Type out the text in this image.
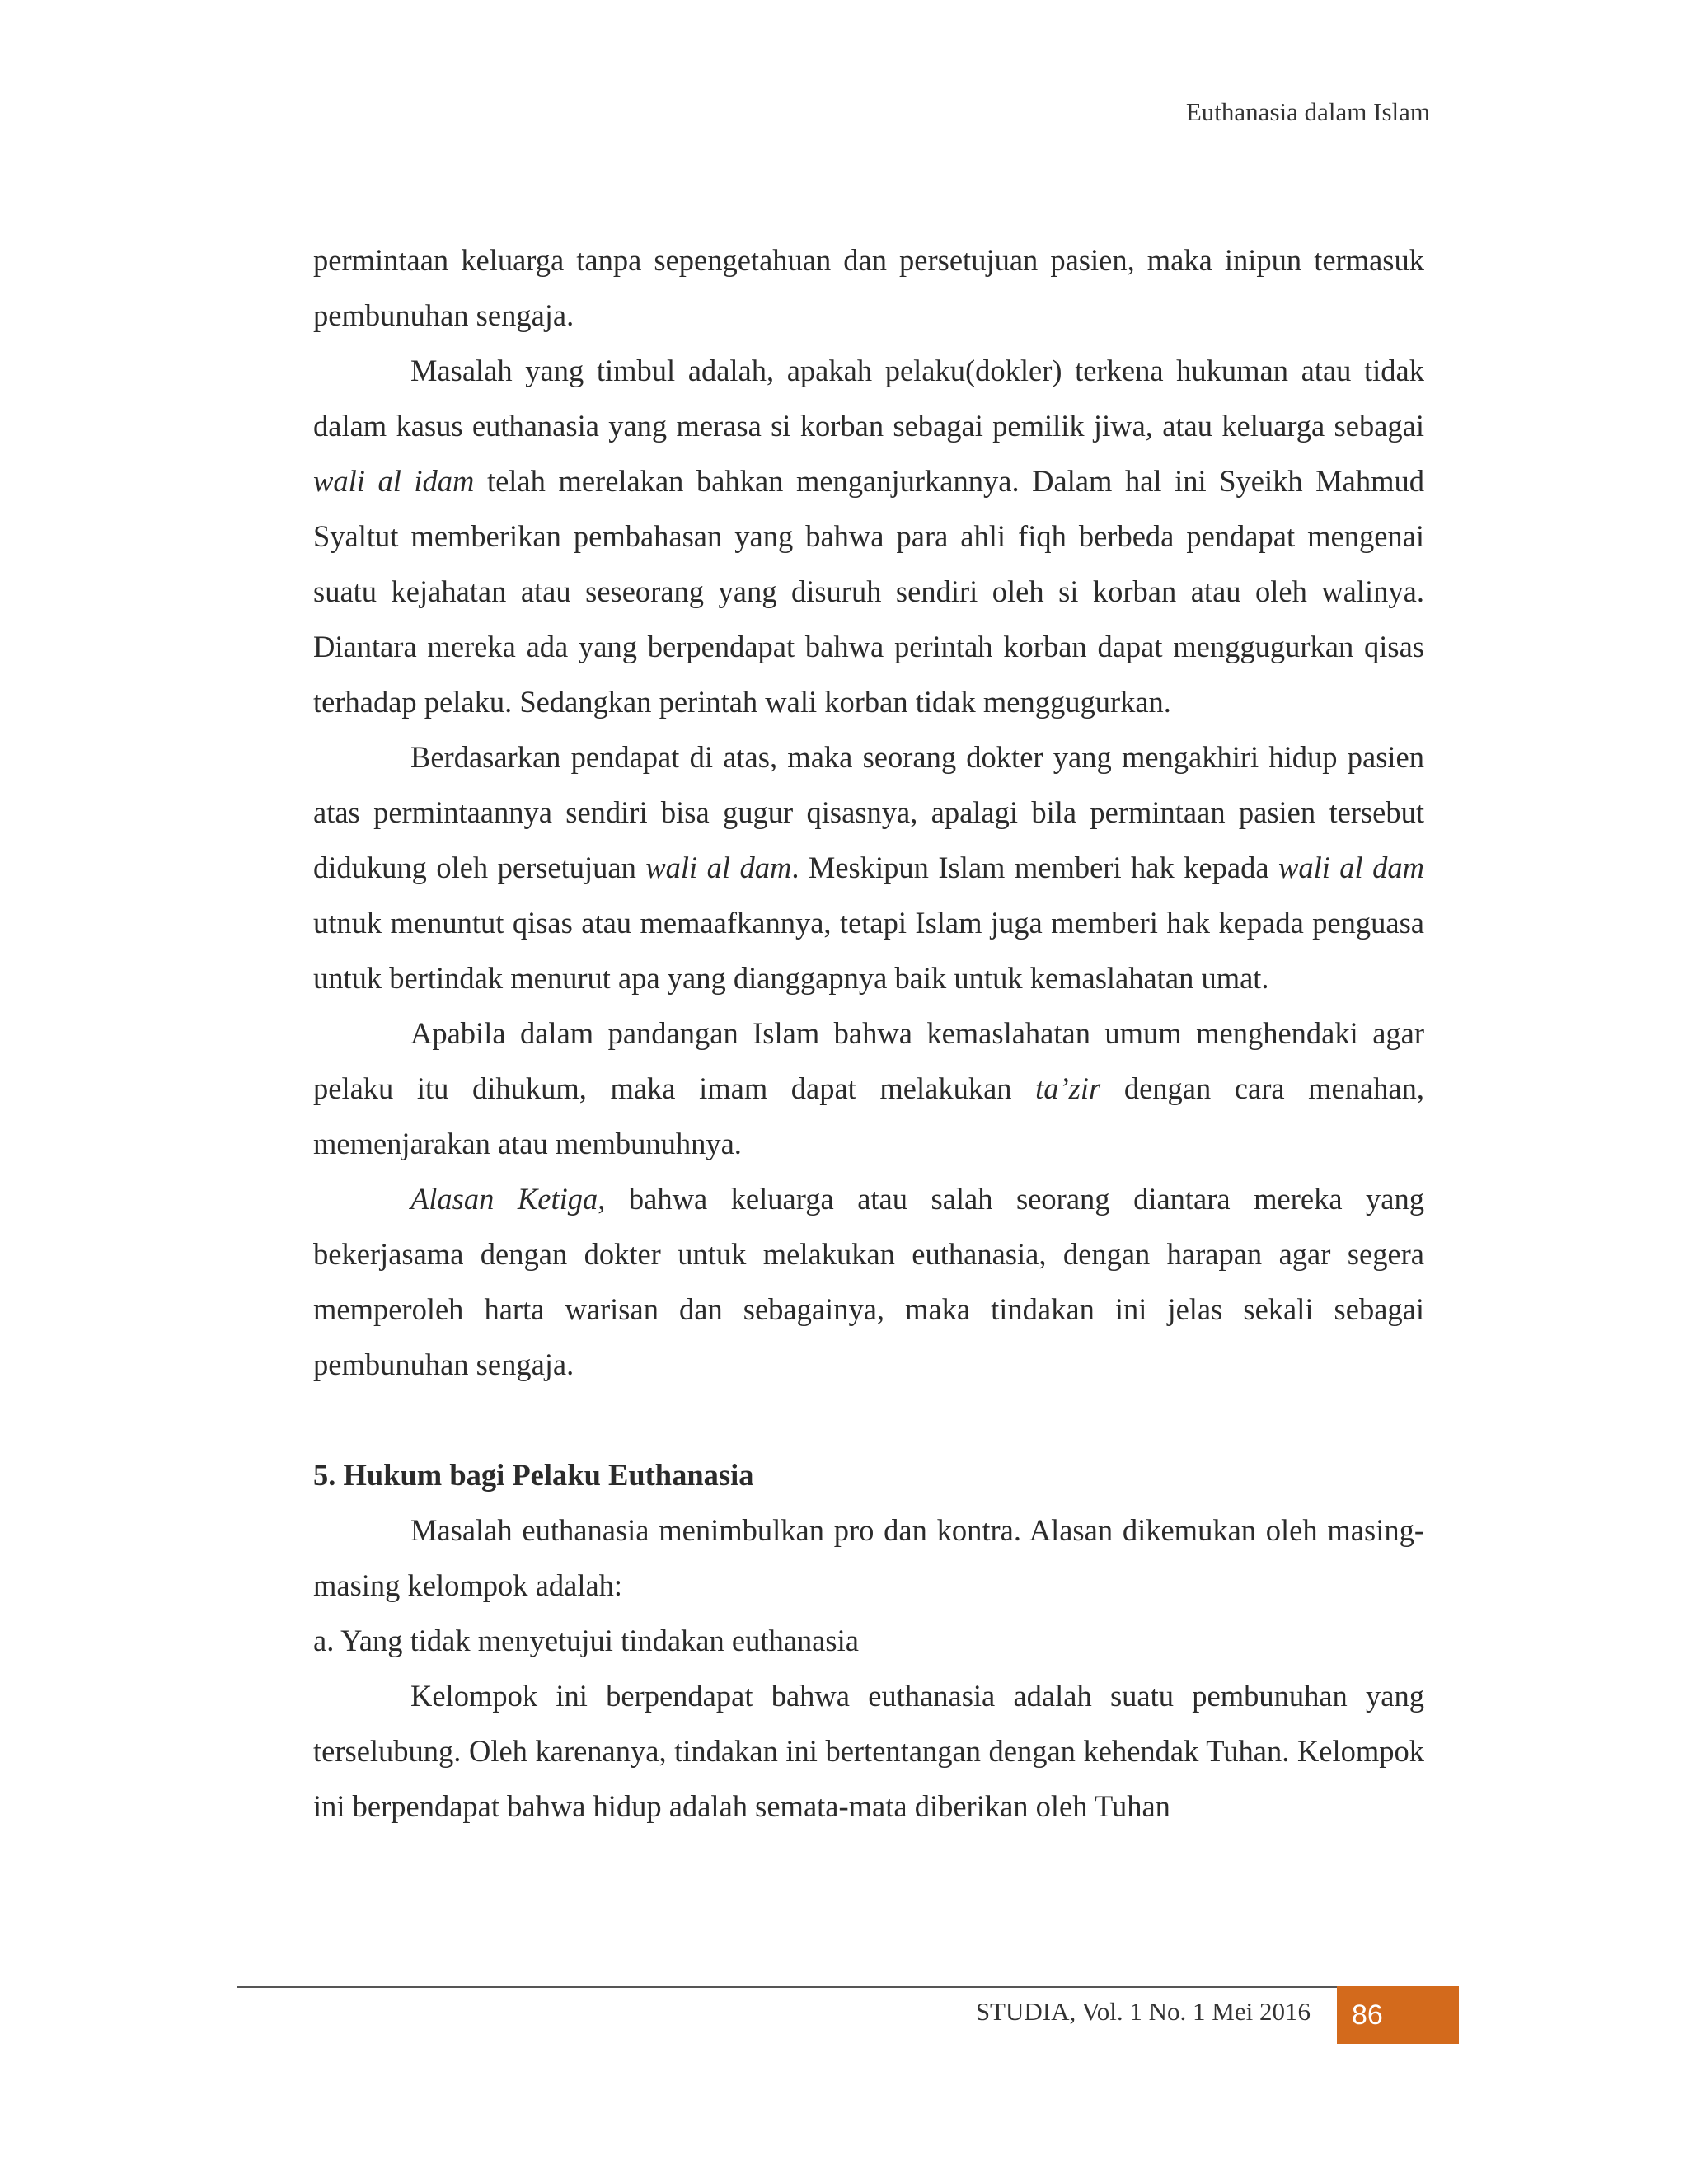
Euthanasia dalam Islam

permintaan keluarga tanpa sepengetahuan dan persetujuan pasien, maka inipun termasuk pembunuhan sengaja.

Masalah yang timbul adalah, apakah pelaku(dokler) terkena hukuman atau tidak dalam kasus euthanasia yang merasa si korban sebagai pemilik jiwa, atau keluarga sebagai wali al idam telah merelakan bahkan menganjurkannya. Dalam hal ini Syeikh Mahmud Syaltut memberikan pembahasan yang bahwa para ahli fiqh berbeda pendapat mengenai suatu kejahatan atau seseorang yang disuruh sendiri oleh si korban atau oleh walinya. Diantara mereka ada yang berpendapat bahwa perintah korban dapat menggugurkan qisas terhadap pelaku. Sedangkan perintah wali korban tidak menggugurkan.

Berdasarkan pendapat di atas, maka seorang dokter yang mengakhiri hidup pasien atas permintaannya sendiri bisa gugur qisasnya, apalagi bila permintaan pasien tersebut didukung oleh persetujuan wali al dam. Meskipun Islam memberi hak kepada wali al dam utnuk menuntut qisas atau memaafkannya, tetapi Islam juga memberi hak kepada penguasa untuk bertindak menurut apa yang dianggapnya baik untuk kemaslahatan umat.

Apabila dalam pandangan Islam bahwa kemaslahatan umum menghendaki agar pelaku itu dihukum, maka imam dapat melakukan ta’zir dengan cara menahan, memenjarakan atau membunuhnya.

Alasan Ketiga, bahwa keluarga atau salah seorang diantara mereka yang bekerjasama dengan dokter untuk melakukan euthanasia, dengan harapan agar segera memperoleh harta warisan dan sebagainya, maka tindakan ini jelas sekali sebagai pembunuhan sengaja.

5. Hukum bagi Pelaku Euthanasia

Masalah euthanasia menimbulkan pro dan kontra. Alasan dikemukan oleh masing-masing kelompok adalah:

a. Yang tidak menyetujui tindakan euthanasia

Kelompok ini berpendapat bahwa euthanasia adalah suatu pembunuhan yang terselubung. Oleh karenanya, tindakan ini bertentangan dengan kehendak Tuhan. Kelompok ini berpendapat bahwa hidup adalah semata-mata diberikan oleh Tuhan

STUDIA, Vol. 1 No. 1 Mei 2016	86
